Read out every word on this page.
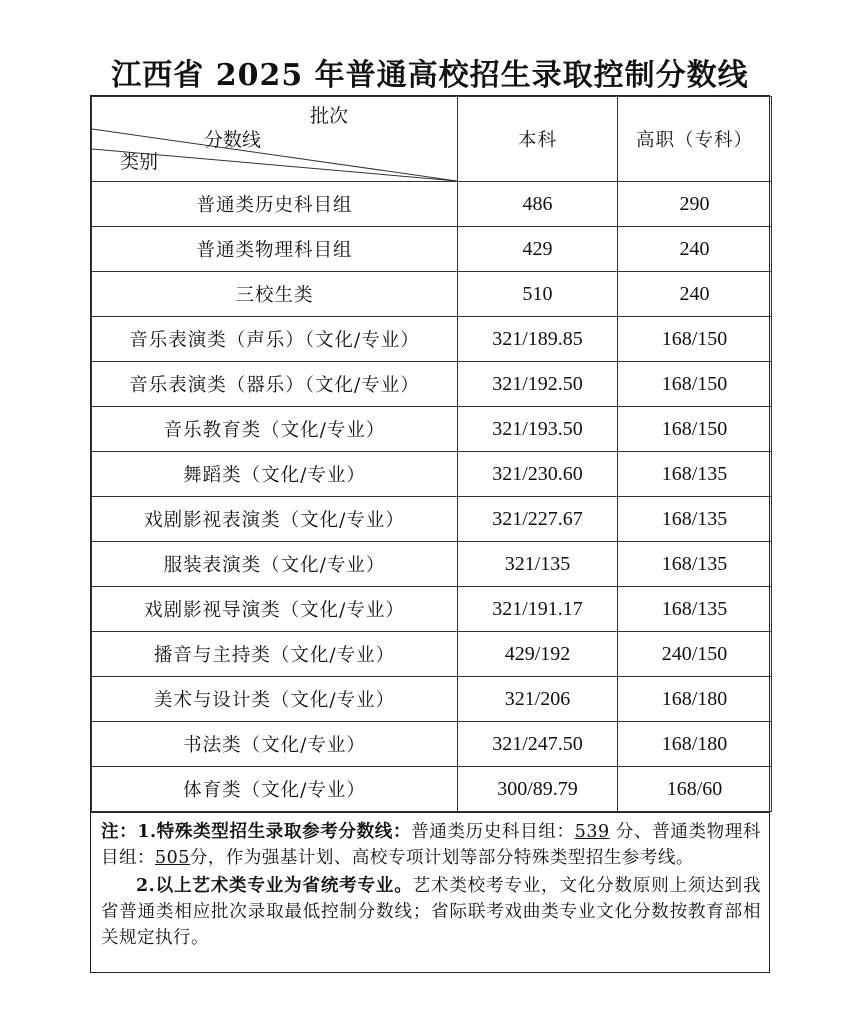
江西省 2025 年普通高校招生录取控制分数线
批次
分数线
类别	本科	高职（专科）
普通类历史科目组	486	290
普通类物理科目组	429	240
三校生类	510	240
音乐表演类（声乐）（文化/专业）	321/189.85	168/150
音乐表演类（器乐）（文化/专业）	321/192.50	168/150
音乐教育类（文化/专业）	321/193.50	168/150
舞蹈类（文化/专业）	321/230.60	168/135
戏剧影视表演类（文化/专业）	321/227.67	168/135
服装表演类（文化/专业）	321/135	168/135
戏剧影视导演类（文化/专业）	321/191.17	168/135
播音与主持类（文化/专业）	429/192	240/150
美术与设计类（文化/专业）	321/206	168/180
书法类（文化/专业）	321/247.50	168/180
体育类（文化/专业）	300/89.79	168/60

注：1.特殊类型招生录取参考分数线：普通类历史科目组：539 分、普通类物理科目组：505分，作为强基计划、高校专项计划等部分特殊类型招生参考线。

2.以上艺术类专业为省统考专业。艺术类校考专业，文化分数原则上须达到我省普通类相应批次录取最低控制分数线；省际联考戏曲类专业文化分数按教育部相关规定执行。
